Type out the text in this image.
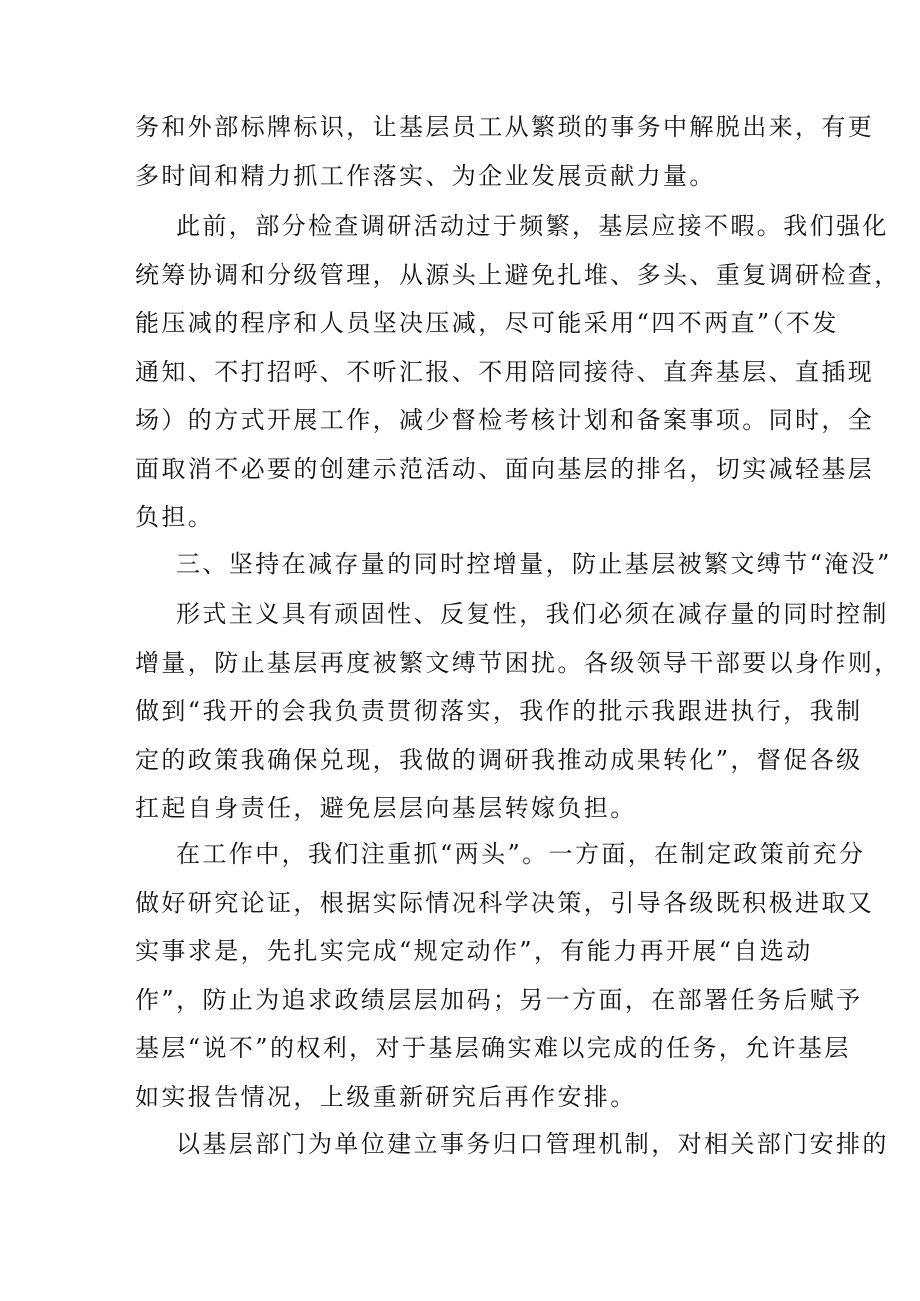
务和外部标牌标识，让基层员工从繁琐的事务中解脱出来，有更
多时间和精力抓工作落实、为企业发展贡献力量。
此前，部分检查调研活动过于频繁，基层应接不暇。我们强化
统筹协调和分级管理，从源头上避免扎堆、多头、重复调研检查，
能压减的程序和人员坚决压减，尽可能采用“四不两直”（不发
通知、不打招呼、不听汇报、不用陪同接待、直奔基层、直插现
场）的方式开展工作，减少督检考核计划和备案事项。同时，全
面取消不必要的创建示范活动、面向基层的排名，切实减轻基层
负担。
三、坚持在减存量的同时控增量，防止基层被繁文缚节“淹没”
形式主义具有顽固性、反复性，我们必须在减存量的同时控制
增量，防止基层再度被繁文缚节困扰。各级领导干部要以身作则，
做到“我开的会我负责贯彻落实，我作的批示我跟进执行，我制
定的政策我确保兑现，我做的调研我推动成果转化”，督促各级
扛起自身责任，避免层层向基层转嫁负担。
在工作中，我们注重抓“两头”。一方面，在制定政策前充分
做好研究论证，根据实际情况科学决策，引导各级既积极进取又
实事求是，先扎实完成“规定动作”，有能力再开展“自选动
作”，防止为追求政绩层层加码；另一方面，在部署任务后赋予
基层“说不”的权利，对于基层确实难以完成的任务，允许基层
如实报告情况，上级重新研究后再作安排。
以基层部门为单位建立事务归口管理机制，对相关部门安排的
